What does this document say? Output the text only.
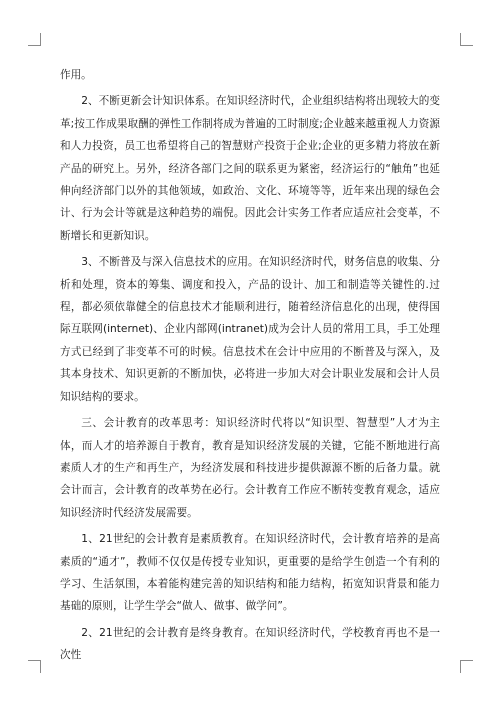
作用。

2、不断更新会计知识体系。在知识经济时代，企业组织结构将出现较大的变革;按工作成果取酬的弹性工作制将成为普遍的工时制度;企业越来越重视人力资源和人力投资，员工也希望将自己的智慧财产投资于企业;企业的更多精力将放在新产品的研究上。另外，经济各部门之间的联系更为紧密，经济运行的“触角”也延伸向经济部门以外的其他领域，如政治、文化、环境等等，近年来出现的绿色会计、行为会计等就是这种趋势的端倪。因此会计实务工作者应适应社会变革，不断增长和更新知识。

3、不断普及与深入信息技术的应用。在知识经济时代，财务信息的收集、分析和处理，资本的筹集、调度和投入，产品的设计、加工和制造等关键性的.过程，都必须依靠健全的信息技术才能顺利进行，随着经济信息化的出现，使得国际互联网(internet)、企业内部网(intranet)成为会计人员的常用工具，手工处理方式已经到了非变革不可的时候。信息技术在会计中应用的不断普及与深入，及其本身技术、知识更新的不断加快，必将进一步加大对会计职业发展和会计人员知识结构的要求。

三、会计教育的改革思考：知识经济时代将以“知识型、智慧型”人才为主体，而人才的培养源自于教育，教育是知识经济发展的关键，它能不断地进行高素质人才的生产和再生产，为经济发展和科技进步提供源源不断的后备力量。就会计而言，会计教育的改革势在必行。会计教育工作应不断转变教育观念，适应知识经济时代经济发展需要。

1、21世纪的会计教育是素质教育。在知识经济时代，会计教育培养的是高素质的“通才”，教师不仅仅是传授专业知识，更重要的是给学生创造一个有利的学习、生活氛围，本着能构建完善的知识结构和能力结构，拓宽知识背景和能力基础的原则，让学生学会“做人、做事、做学问”。

2、21世纪的会计教育是终身教育。在知识经济时代，学校教育再也不是一次性
